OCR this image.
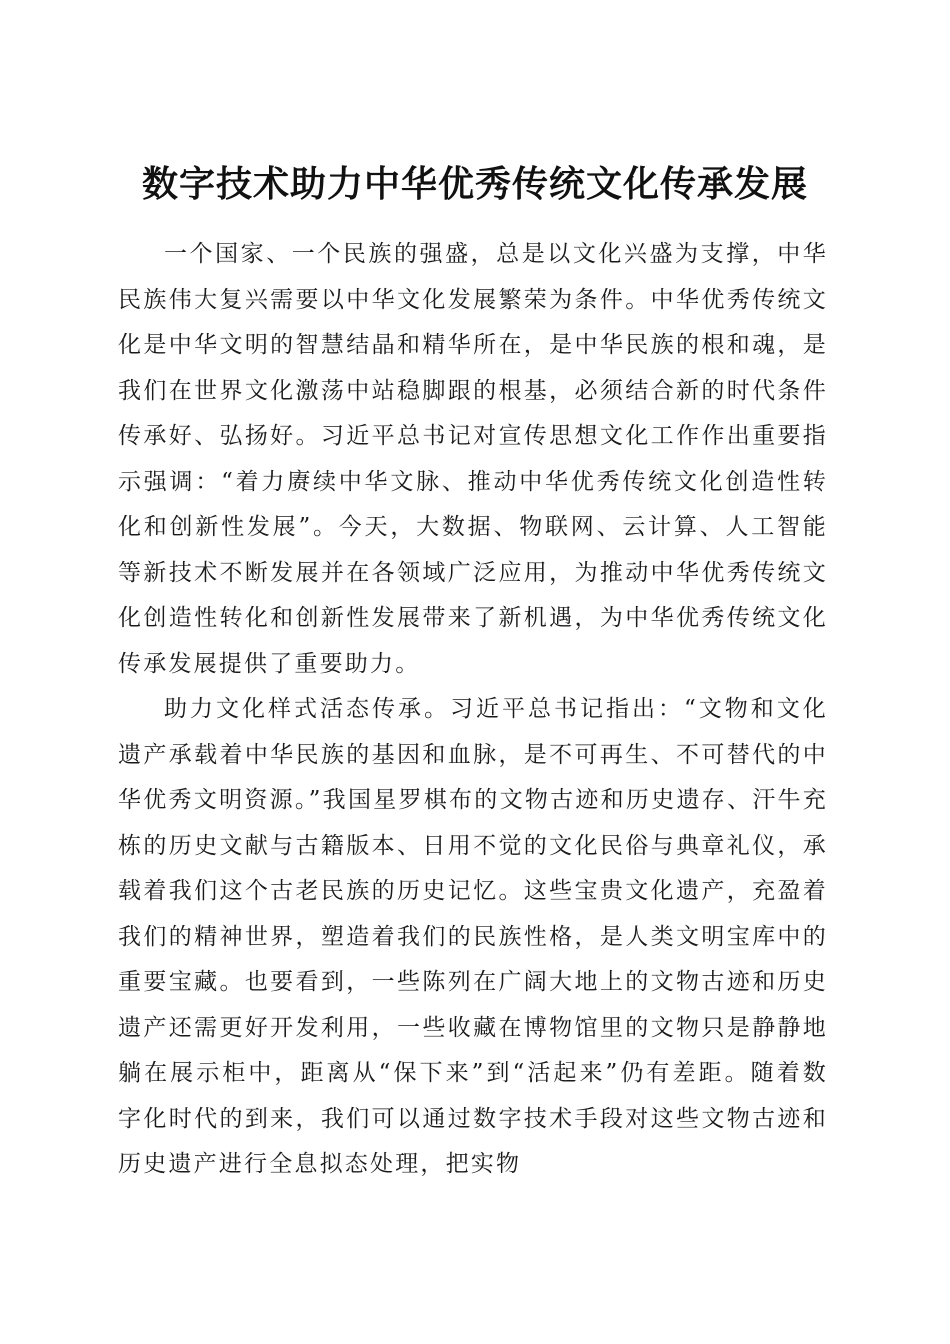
数字技术助力中华优秀传统文化传承发展

一个国家、一个民族的强盛，总是以文化兴盛为支撑，中华民族伟大复兴需要以中华文化发展繁荣为条件。中华优秀传统文化是中华文明的智慧结晶和精华所在，是中华民族的根和魂，是我们在世界文化激荡中站稳脚跟的根基，必须结合新的时代条件传承好、弘扬好。习近平总书记对宣传思想文化工作作出重要指示强调：“着力赓续中华文脉、推动中华优秀传统文化创造性转化和创新性发展”。今天，大数据、物联网、云计算、人工智能等新技术不断发展并在各领域广泛应用，为推动中华优秀传统文化创造性转化和创新性发展带来了新机遇，为中华优秀传统文化传承发展提供了重要助力。

助力文化样式活态传承。习近平总书记指出：“文物和文化遗产承载着中华民族的基因和血脉，是不可再生、不可替代的中华优秀文明资源。”我国星罗棋布的文物古迹和历史遗存、汗牛充栋的历史文献与古籍版本、日用不觉的文化民俗与典章礼仪，承载着我们这个古老民族的历史记忆。这些宝贵文化遗产，充盈着我们的精神世界，塑造着我们的民族性格，是人类文明宝库中的重要宝藏。也要看到，一些陈列在广阔大地上的文物古迹和历史遗产还需更好开发利用，一些收藏在博物馆里的文物只是静静地躺在展示柜中，距离从“保下来”到“活起来”仍有差距。随着数字化时代的到来，我们可以通过数字技术手段对这些文物古迹和历史遗产进行全息拟态处理，把实物
